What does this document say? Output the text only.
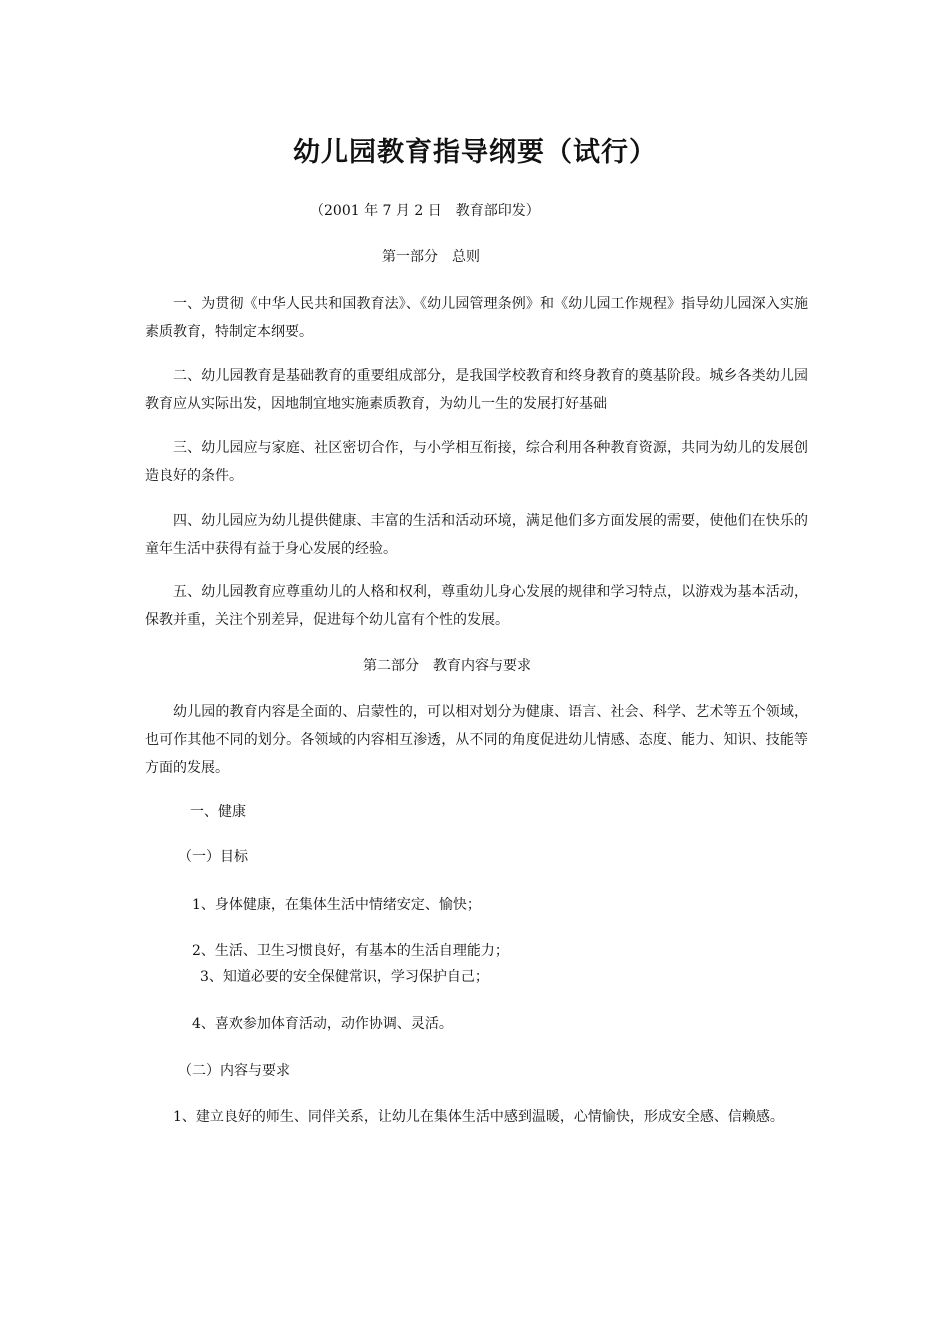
幼儿园教育指导纲要（试行）
（2001 年 7 月 2 日　教育部印发）
第一部分　总则
一、为贯彻《中华人民共和国教育法》、《幼儿园管理条例》和《幼儿园工作规程》指导幼儿园深入实施素质教育，特制定本纲要。
二、幼儿园教育是基础教育的重要组成部分，是我国学校教育和终身教育的奠基阶段。城乡各类幼儿园教育应从实际出发，因地制宜地实施素质教育，为幼儿一生的发展打好基础
三、幼儿园应与家庭、社区密切合作，与小学相互衔接，综合利用各种教育资源，共同为幼儿的发展创造良好的条件。
四、幼儿园应为幼儿提供健康、丰富的生活和活动环境，满足他们多方面发展的需要，使他们在快乐的童年生活中获得有益于身心发展的经验。
五、幼儿园教育应尊重幼儿的人格和权利，尊重幼儿身心发展的规律和学习特点，以游戏为基本活动，保教并重，关注个别差异，促进每个幼儿富有个性的发展。
第二部分　教育内容与要求
幼儿园的教育内容是全面的、启蒙性的，可以相对划分为健康、语言、社会、科学、艺术等五个领域，也可作其他不同的划分。各领域的内容相互渗透，从不同的角度促进幼儿情感、态度、能力、知识、技能等方面的发展。
一、健康
（一）目标
1、身体健康，在集体生活中情绪安定、愉快；
2、生活、卫生习惯良好，有基本的生活自理能力；
3、知道必要的安全保健常识，学习保护自己；
4、喜欢参加体育活动，动作协调、灵活。
（二）内容与要求
1、建立良好的师生、同伴关系，让幼儿在集体生活中感到温暖，心情愉快，形成安全感、信赖感。
